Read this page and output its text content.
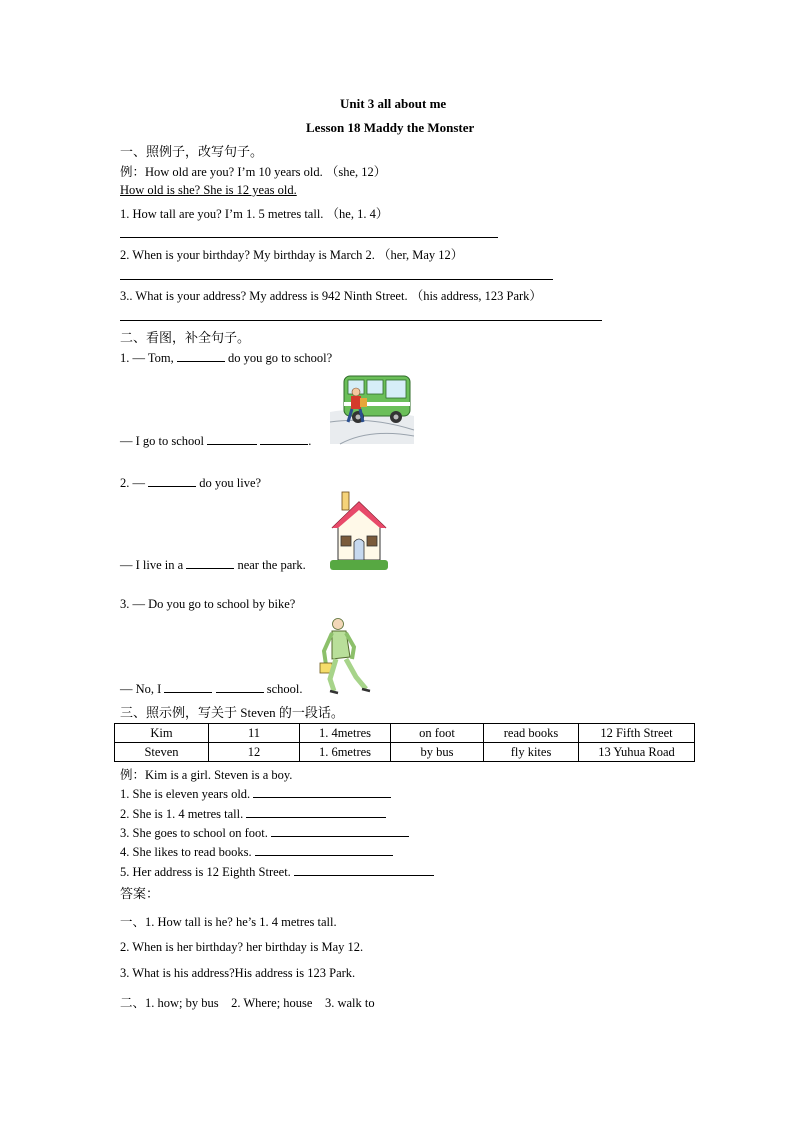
Unit 3 all about me
Lesson 18 Maddy the Monster
一、照例子，改写句子。
例：How old are you? I’m 10 years old. （she, 12）
How old is she? She is 12 yeas old.
1. How tall are you? I’m 1. 5 metres tall. （he, 1. 4）
2. When is your birthday? My birthday is March 2. （her, May 12）
3.. What is your address? My address is 942 Ninth Street. （his address, 123 Park）
二、看图，补全句子。
1. — Tom,	do you go to school?
— I go to school	.
2. —	do you live?
— I live in a	near the park.
3. — Do you go to school by bike?
— No, I	school.
三、照示例，写关于 Steven 的一段话。
Kim	11	1. 4metres	on foot	read books	12 Fifth Street
Steven	12	1. 6metres	by bus	fly kites	13 Yuhua Road
例：Kim is a girl. Steven is a boy.
1. She is eleven years old.
2. She is 1. 4 metres tall.
3. She goes to school on foot.
4. She likes to read books.
5. Her address is 12 Eighth Street.
答案：
一、1. How tall is he? he’s 1. 4 metres tall.
2. When is her birthday? her birthday is May 12.
3. What is his address?His address is 123 Park.
二、1. how; by bus    2. Where; house    3. walk to
